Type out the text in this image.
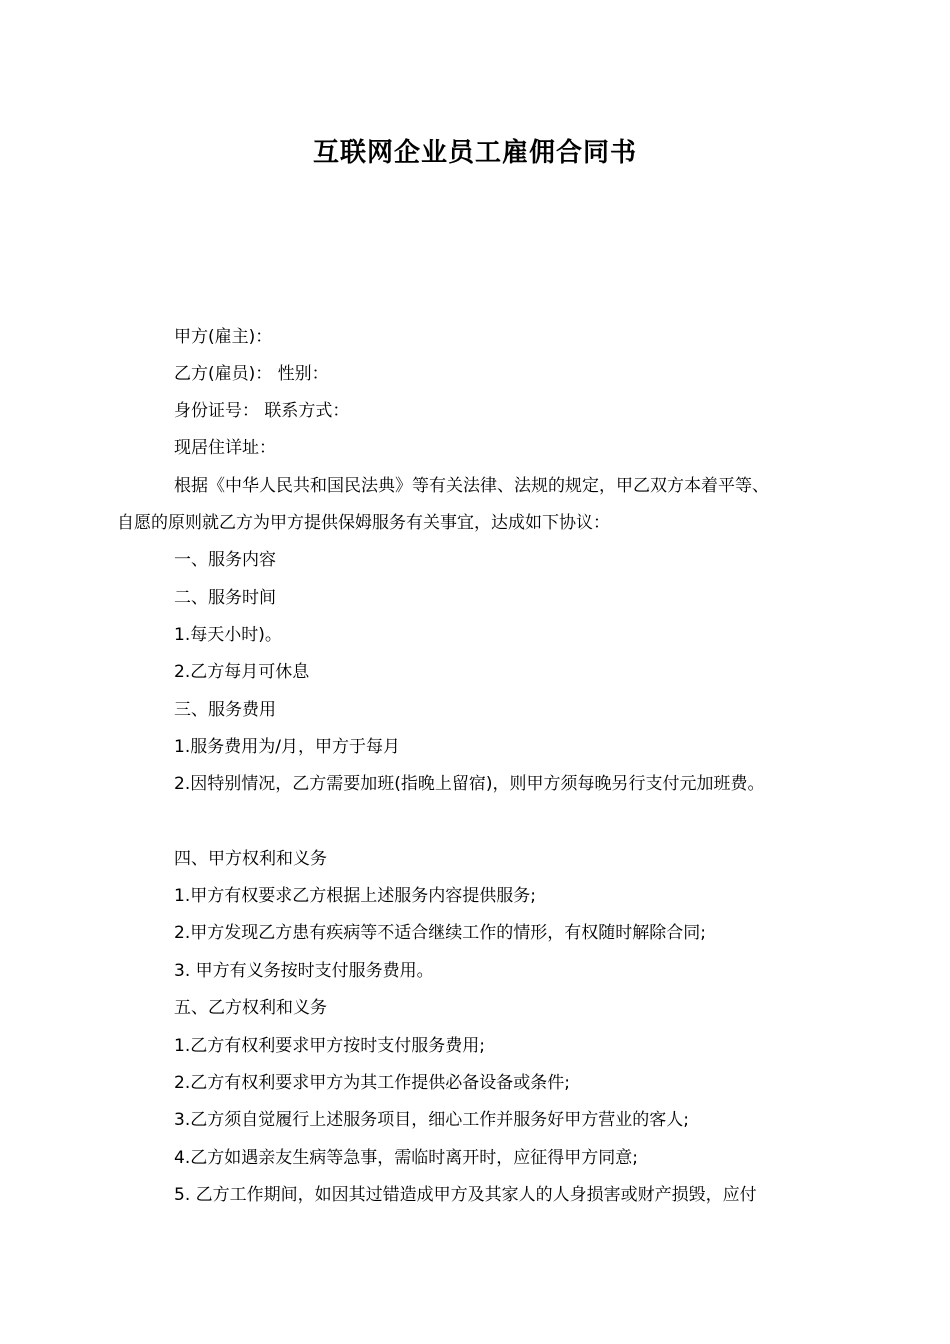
互联网企业员工雇佣合同书

甲方(雇主)：

乙方(雇员)： 性别：

身份证号： 联系方式：

现居住详址：

根据《中华人民共和国民法典》等有关法律、法规的规定，甲乙双方本着平等、

自愿的原则就乙方为甲方提供保姆服务有关事宜，达成如下协议：

一、服务内容

二、服务时间

1.每天小时)。

2.乙方每月可休息

三、服务费用

1.服务费用为/月，甲方于每月

2.因特别情况，乙方需要加班(指晚上留宿)，则甲方须每晚另行支付元加班费。

四、甲方权利和义务

1.甲方有权要求乙方根据上述服务内容提供服务;

2.甲方发现乙方患有疾病等不适合继续工作的情形，有权随时解除合同;

3. 甲方有义务按时支付服务费用。

五、乙方权利和义务

1.乙方有权利要求甲方按时支付服务费用;

2.乙方有权利要求甲方为其工作提供必备设备或条件;

3.乙方须自觉履行上述服务项目，细心工作并服务好甲方营业的客人;

4.乙方如遇亲友生病等急事，需临时离开时，应征得甲方同意;

5. 乙方工作期间，如因其过错造成甲方及其家人的人身损害或财产损毁，应付
